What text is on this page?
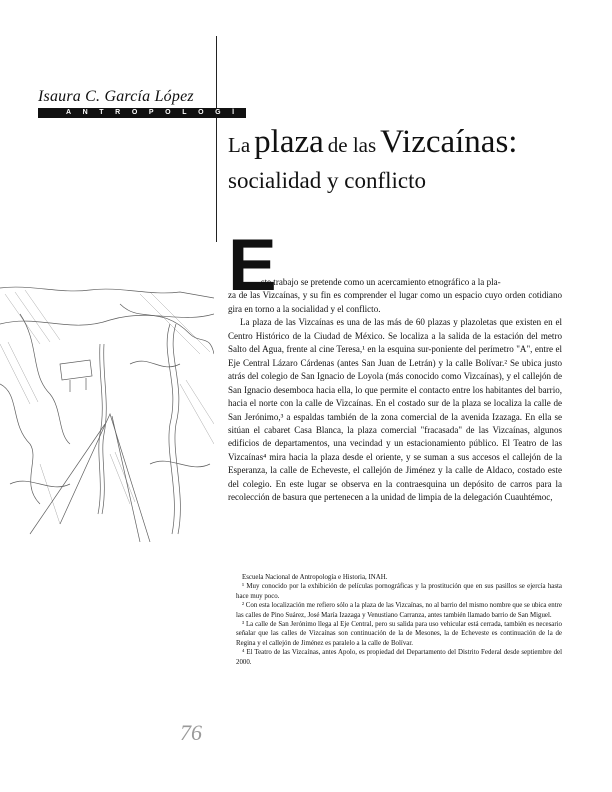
Isaura C. García López
ANTROPOLOGÍA
La plaza de las Vizcaínas:
socialidad y conflicto
E
ste trabajo se pretende como un acercamiento etnográfico a la pla-

za de las Vizcaínas, y su fin es comprender el lugar como un espacio cuyo orden cotidiano gira en torno a la socialidad y el conflicto.

La plaza de las Vizcaínas es una de las más de 60 plazas y plazoletas que existen en el Centro Histórico de la Ciudad de México. Se localiza a la salida de la estación del metro Salto del Agua, frente al cine Teresa,¹ en la esquina sur-poniente del perímetro "A", entre el Eje Central Lázaro Cárdenas (antes San Juan de Letrán) y la calle Bolívar.² Se ubica justo atrás del colegio de San Ignacio de Loyola (más conocido como Vizcaínas), y el callejón de San Ignacio desemboca hacia ella, lo que permite el contacto entre los habitantes del barrio, hacia el norte con la calle de Vizcaínas. En el costado sur de la plaza se localiza la calle de San Jerónimo,³ a espaldas también de la zona comercial de la avenida Izazaga. En ella se sitúan el cabaret Casa Blanca, la plaza comercial "fracasada" de las Vizcaínas, algunos edificios de departamentos, una vecindad y un estacionamiento público. El Teatro de las Vizcaínas⁴ mira hacia la plaza desde el oriente, y se suman a sus accesos el callejón de la Esperanza, la calle de Echeveste, el callejón de Jiménez y la calle de Aldaco, costado este del colegio. En este lugar se observa en la contraesquina un depósito de carros para la recolección de basura que pertenecen a la unidad de limpia de la delegación Cuauhtémoc,

Escuela Nacional de Antropología e Historia, INAH.

¹ Muy conocido por la exhibición de películas pornográficas y la prostitución que en sus pasillos se ejercía hasta hace muy poco.

² Con esta localización me refiero sólo a la plaza de las Vizcaínas, no al barrio del mismo nombre que se ubica entre las calles de Pino Suárez, José María Izazaga y Venustiano Carranza, antes también llamado barrio de San Miguel.

³ La calle de San Jerónimo llega al Eje Central, pero su salida para uso vehicular está cerrada, también es necesario señalar que las calles de Vizcaínas son continuación de la de Mesones, la de Echeveste es continuación de la de Regina y el callejón de Jiménez es paralelo a la calle de Bolívar.

⁴ El Teatro de las Vizcaínas, antes Apolo, es propiedad del Departamento del Distrito Federal desde septiembre del 2000.

76
